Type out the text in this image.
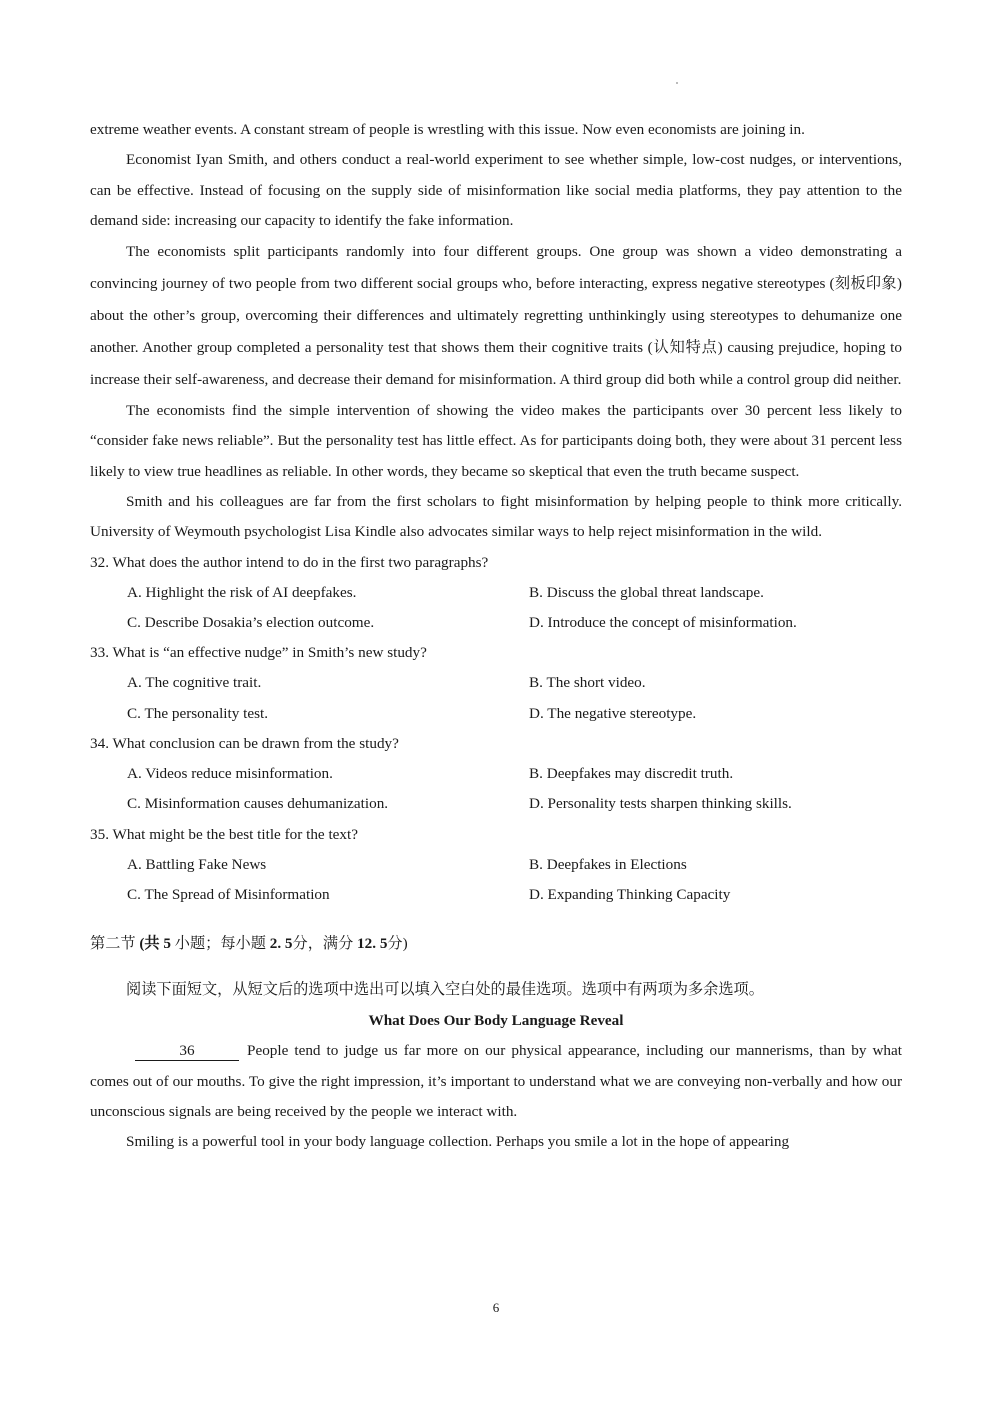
extreme weather events. A constant stream of people is wrestling with this issue. Now even economists are joining in.

Economist Iyan Smith, and others conduct a real-world experiment to see whether simple, low-cost nudges, or interventions, can be effective. Instead of focusing on the supply side of misinformation like social media platforms, they pay attention to the demand side: increasing our capacity to identify the fake information.

The economists split participants randomly into four different groups. One group was shown a video demonstrating a convincing journey of two people from two different social groups who, before interacting, express negative stereotypes (刻板印象) about the other’s group, overcoming their differences and ultimately regretting unthinkingly using stereotypes to dehumanize one another. Another group completed a personality test that shows them their cognitive traits (认知特点) causing prejudice, hoping to increase their self-awareness, and decrease their demand for misinformation. A third group did both while a control group did neither.

The economists find the simple intervention of showing the video makes the participants over 30 percent less likely to “consider fake news reliable”. But the personality test has little effect. As for participants doing both, they were about 31 percent less likely to view true headlines as reliable. In other words, they became so skeptical that even the truth became suspect.

Smith and his colleagues are far from the first scholars to fight misinformation by helping people to think more critically. University of Weymouth psychologist Lisa Kindle also advocates similar ways to help reject misinformation in the wild.

32. What does the author intend to do in the first two paragraphs?

A. Highlight the risk of AI deepfakes.	B. Discuss the global threat landscape.
C. Describe Dosakia’s election outcome.	D. Introduce the concept of misinformation.

33. What is “an effective nudge” in Smith’s new study?

A. The cognitive trait.	B. The short video.
C. The personality test.	D. The negative stereotype.

34. What conclusion can be drawn from the study?

A. Videos reduce misinformation.	B. Deepfakes may discredit truth.
C. Misinformation causes dehumanization.	D. Personality tests sharpen thinking skills.

35. What might be the best title for the text?

A. Battling Fake News	B. Deepfakes in Elections
C. The Spread of Misinformation	D. Expanding Thinking Capacity

第二节 (共 5 小题；每小题 2. 5分，满分 12. 5分)

阅读下面短文，从短文后的选项中选出可以填入空白处的最佳选项。选项中有两项为多余选项。

What Does Our Body Language Reveal

36	People tend to judge us far more on our physical appearance, including our mannerisms, than by what comes out of our mouths. To give the right impression, it’s important to understand what we are conveying non-verbally and how our unconscious signals are being received by the people we interact with.

Smiling is a powerful tool in your body language collection. Perhaps you smile a lot in the hope of appearing

6
